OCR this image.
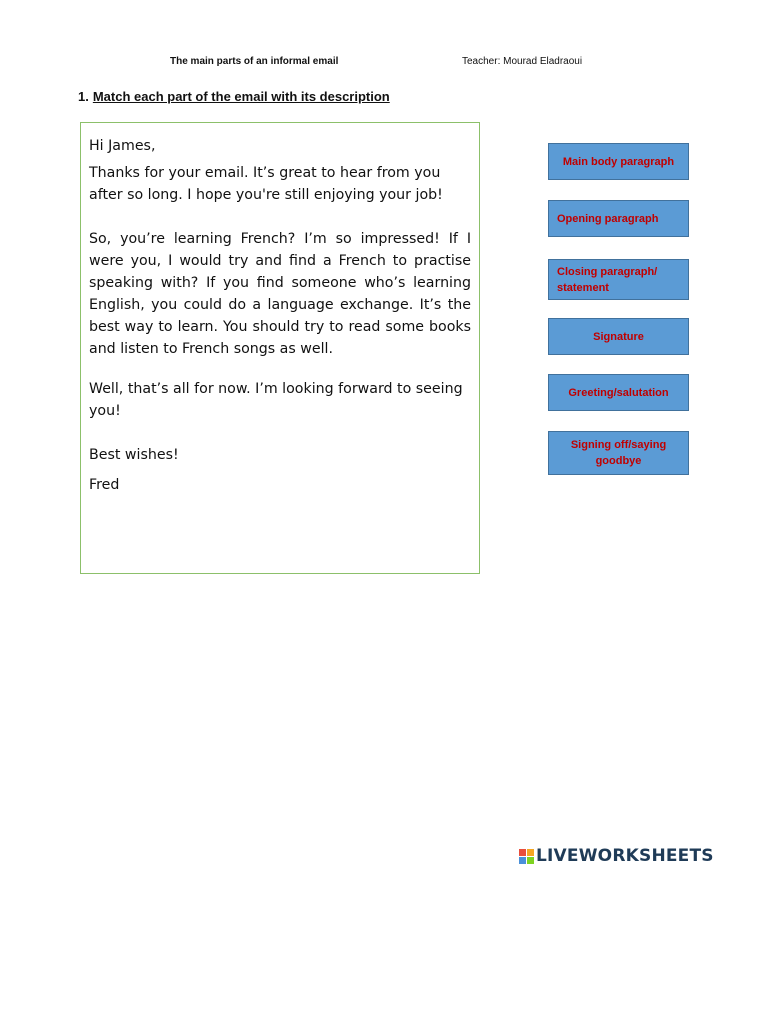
The main parts of an informal email	Teacher: Mourad Eladraoui
1. Match each part of the email with its description

Hi James,

Thanks for your email. It’s great to hear from you after so long. I hope you're still enjoying your job!

So, you’re learning French? I’m so impressed! If I were you, I would try and find a French to practise speaking with? If you find someone who’s learning English, you could do a language exchange. It’s the best way to learn. You should try to read some books and listen to French songs as well.

Well, that’s all for now. I’m looking forward to seeing you!

Best wishes!

Fred

Main body paragraph
Opening paragraph
Closing paragraph/ statement
Signature
Greeting/salutation
Signing off/saying goodbye
LIVEWORKSHEETS
